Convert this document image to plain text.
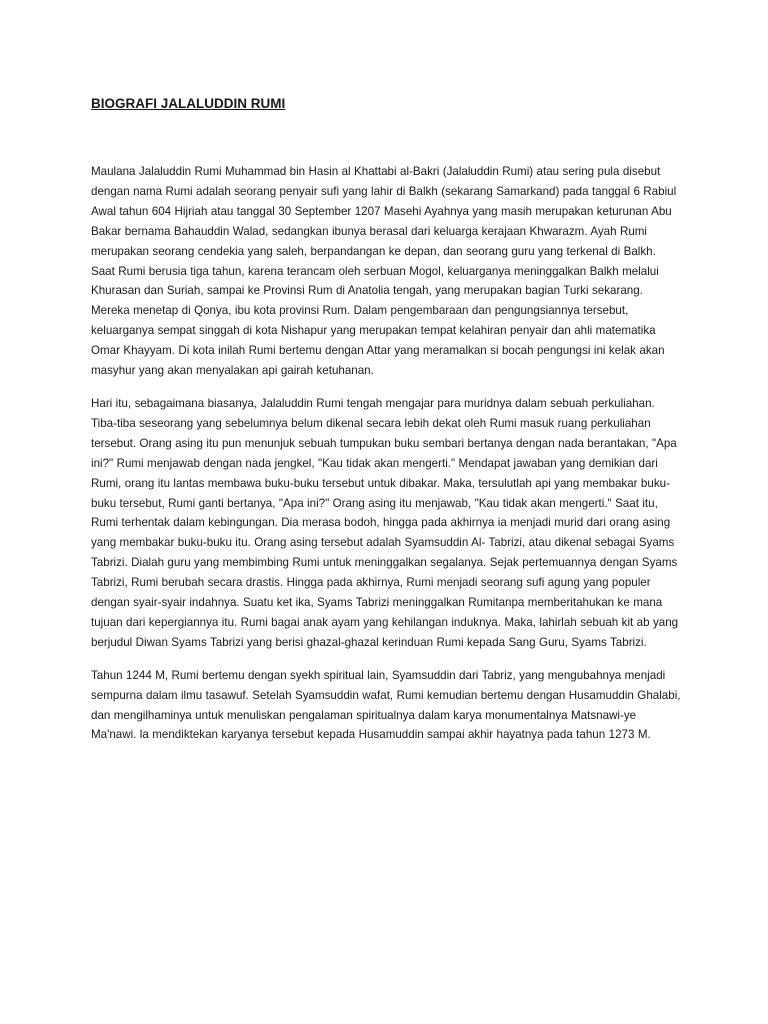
BIOGRAFI JALALUDDIN RUMI

Maulana Jalaluddin Rumi Muhammad bin Hasin al Khattabi al-Bakri (Jalaluddin Rumi) atau sering pula disebut dengan nama Rumi adalah seorang penyair sufi yang lahir di Balkh (sekarang Samarkand) pada tanggal 6 Rabiul Awal tahun 604 Hijriah atau tanggal 30 September 1207 Masehi Ayahnya yang masih merupakan keturunan Abu Bakar bernama Bahauddin Walad, sedangkan ibunya berasal dari keluarga kerajaan Khwarazm. Ayah Rumi merupakan seorang cendekia yang saleh, berpandangan ke depan, dan seorang guru yang terkenal di Balkh. Saat Rumi berusia tiga tahun, karena terancam oleh serbuan Mogol, keluarganya meninggalkan Balkh melalui Khurasan dan Suriah, sampai ke Provinsi Rum di Anatolia tengah, yang merupakan bagian Turki sekarang. Mereka menetap di Qonya, ibu kota provinsi Rum. Dalam pengembaraan dan pengungsiannya tersebut, keluarganya sempat singgah di kota Nishapur yang merupakan tempat kelahiran penyair dan ahli matematika Omar Khayyam. Di kota inilah Rumi bertemu dengan Attar yang meramalkan si bocah pengungsi ini kelak akan masyhur yang akan menyalakan api gairah ketuhanan.

Hari itu, sebagaimana biasanya, Jalaluddin Rumi tengah mengajar para muridnya dalam sebuah perkuliahan. Tiba-tiba seseorang yang sebelumnya belum dikenal secara lebih dekat oleh Rumi masuk ruang perkuliahan tersebut. Orang asing itu pun menunjuk sebuah tumpukan buku sembari bertanya dengan nada berantakan, "Apa ini?" Rumi menjawab dengan nada jengkel, "Kau tidak akan mengerti." Mendapat jawaban yang demikian dari Rumi, orang itu lantas membawa buku-buku tersebut untuk dibakar. Maka, tersulutlah api yang membakar buku-buku tersebut, Rumi ganti bertanya, "Apa ini?" Orang asing itu menjawab, "Kau tidak akan mengerti." Saat itu, Rumi terhentak dalam kebingungan. Dia merasa bodoh, hingga pada akhirnya ia menjadi murid dari orang asing yang membakar buku-buku itu. Orang asing tersebut adalah Syamsuddin Al- Tabrizi, atau dikenal sebagai Syams Tabrizi. Dialah guru yang membimbing Rumi untuk meninggalkan segalanya. Sejak pertemuannya dengan Syams Tabrizi, Rumi berubah secara drastis. Hingga pada akhirnya, Rumi menjadi seorang sufi agung yang populer dengan syair-syair indahnya. Suatu ket ika, Syams Tabrizi meninggalkan Rumitanpa memberitahukan ke mana tujuan dari kepergiannya itu. Rumi bagai anak ayam yang kehilangan induknya. Maka, lahirlah sebuah kit ab yang berjudul Diwan Syams Tabrizi yang berisi ghazal-ghazal kerinduan Rumi kepada Sang Guru, Syams Tabrizi.

Tahun 1244 M, Rumi bertemu dengan syekh spiritual lain, Syamsuddin dari Tabriz, yang mengubahnya menjadi sempurna dalam ilmu tasawuf. Setelah Syamsuddin wafat, Rumi kemudian bertemu dengan Husamuddin Ghalabi, dan mengilhaminya untuk menuliskan pengalaman spiritualnya dalam karya monumentalnya Matsnawi-ye Ma'nawi. la mendiktekan karyanya tersebut kepada Husamuddin sampai akhir hayatnya pada tahun 1273 M.
